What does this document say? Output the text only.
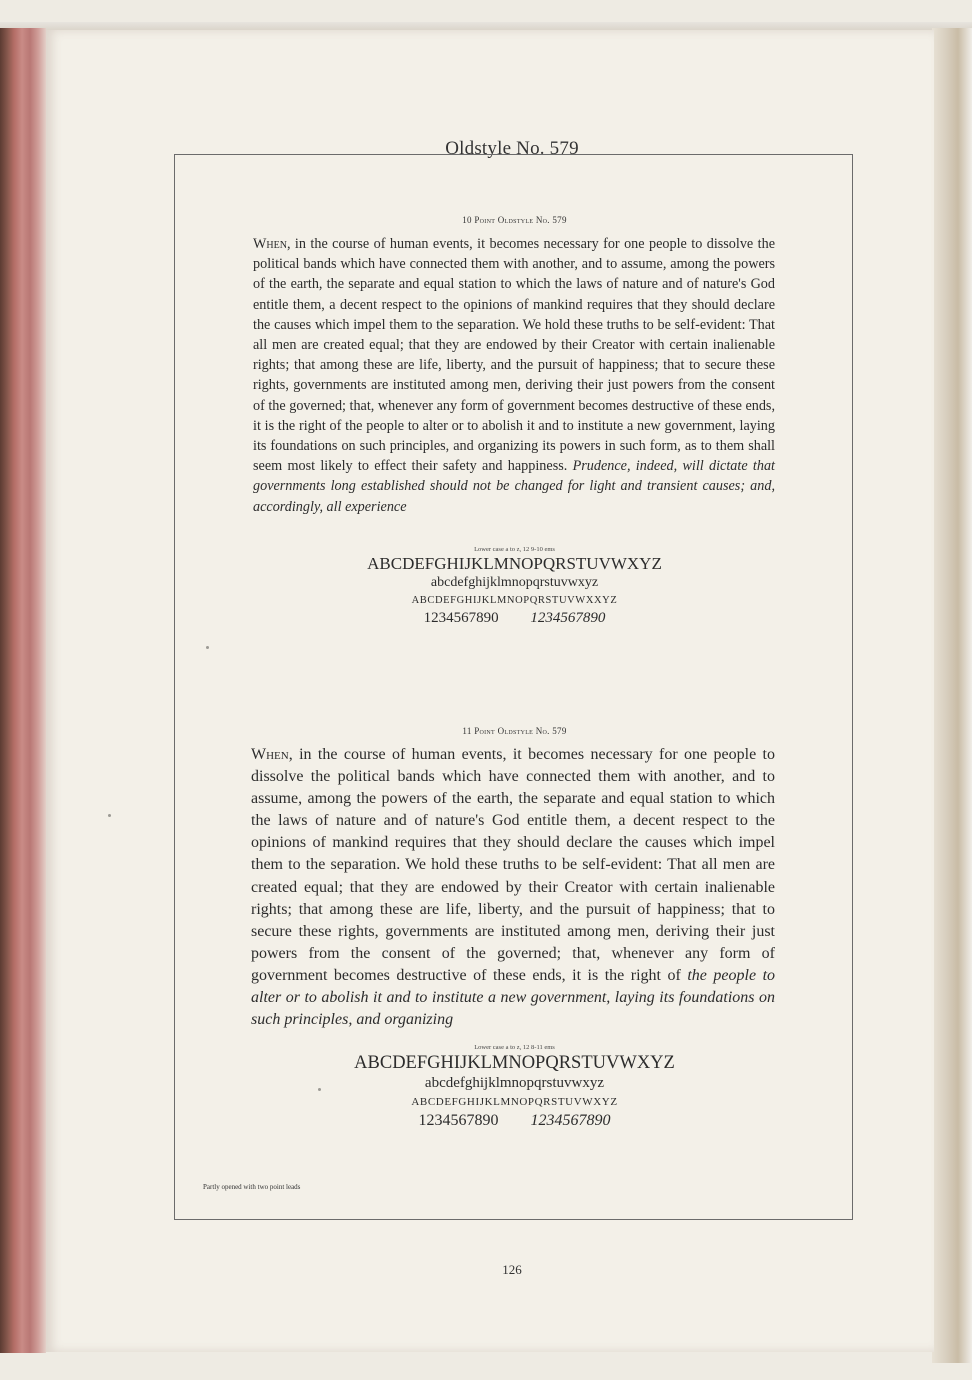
Oldstyle No. 579
10 Point Oldstyle No. 579

When, in the course of human events, it becomes necessary for one people to dissolve the political bands which have connected them with another, and to assume, among the powers of the earth, the separate and equal station to which the laws of nature and of nature's God entitle them, a decent respect to the opinions of mankind requires that they should declare the causes which impel them to the separation. We hold these truths to be self-evident: That all men are created equal; that they are endowed by their Creator with certain inalienable rights; that among these are life, liberty, and the pursuit of happiness; that to secure these rights, governments are instituted among men, deriving their just powers from the consent of the governed; that, whenever any form of government becomes destructive of these ends, it is the right of the people to alter or to abolish it and to institute a new government, laying its foundations on such principles, and organizing its powers in such form, as to them shall seem most likely to effect their safety and happiness. Prudence, indeed, will dictate that governments long established should not be changed for light and transient causes; and, accordingly, all experience

Lower case a to z, 12 9-10 ems
ABCDEFGHIJKLMNOPQRSTUVWXYZ
abcdefghijklmnopqrstuvwxyz
ABCDEFGHIJKLMNOPQRSTUVWXXYZ
1234567890 1234567890
11 Point Oldstyle No. 579

When, in the course of human events, it becomes necessary for one people to dissolve the political bands which have connected them with another, and to assume, among the powers of the earth, the separate and equal station to which the laws of nature and of nature's God entitle them, a decent respect to the opinions of mankind requires that they should declare the causes which impel them to the separation. We hold these truths to be self-evident: That all men are created equal; that they are endowed by their Creator with certain inalienable rights; that among these are life, liberty, and the pursuit of happiness; that to secure these rights, governments are instituted among men, deriving their just powers from the consent of the governed; that, whenever any form of government becomes destructive of these ends, it is the right of the people to alter or to abolish it and to institute a new government, laying its foundations on such principles, and organizing

Lower case a to z, 12 8-11 ems
ABCDEFGHIJKLMNOPQRSTUVWXYZ
abcdefghijklmnopqrstuvwxyz
ABCDEFGHIJKLMNOPQRSTUVWXYZ
1234567890 1234567890
Partly opened with two point leads
126
